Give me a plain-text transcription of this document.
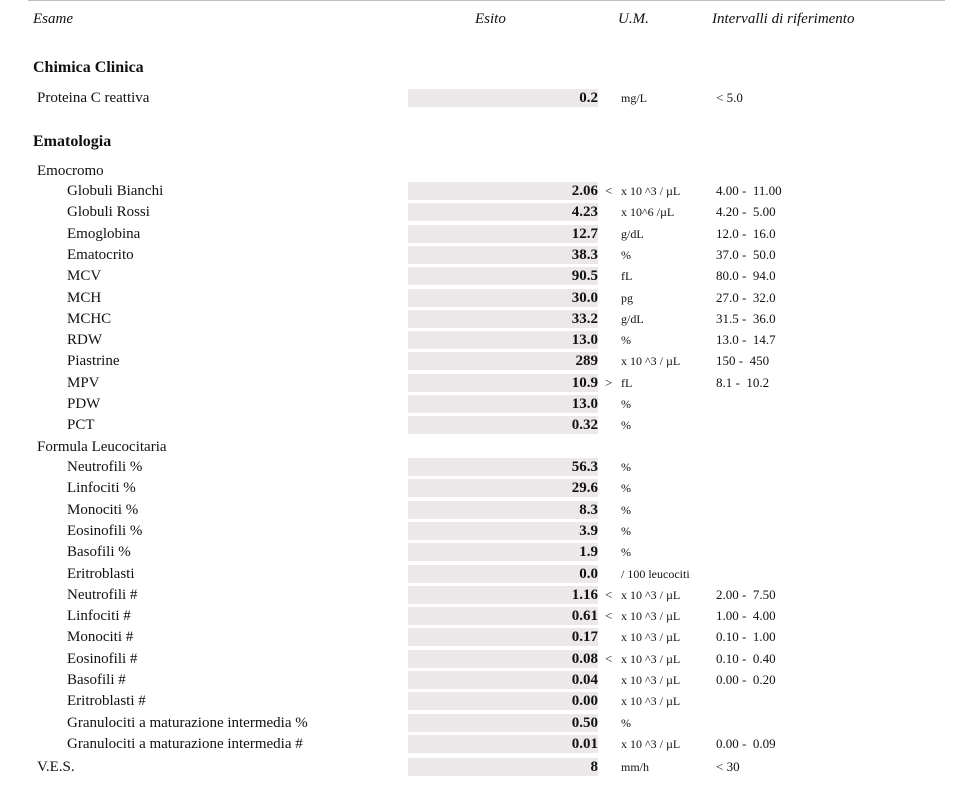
Esame	Esito	U.M.	Intervalli di riferimento
Chimica Clinica
Proteina C reattiva	0.2 mg/L	< 5.0
Ematologia
Emocromo
Globuli Bianchi	2.06 < x 10 ^3 / µL	4.00 -  11.00
Globuli Rossi	4.23 x 10^6 /µL	4.20 -  5.00
Emoglobina	12.7 g/dL	12.0 -  16.0
Ematocrito	38.3 %	37.0 -  50.0
MCV	90.5 fL	80.0 -  94.0
MCH	30.0 pg	27.0 -  32.0
MCHC	33.2 g/dL	31.5 -  36.0
RDW	13.0 %	13.0 -  14.7
Piastrine	289 x 10 ^3 / µL	150 -  450
MPV	10.9 > fL	8.1 -  10.2
PDW	13.0 %
PCT	0.32 %
Formula Leucocitaria
Neutrofili %	56.3 %
Linfociti %	29.6 %
Monociti %	8.3 %
Eosinofili %	3.9 %
Basofili %	1.9 %
Eritroblasti	0.0 / 100 leucociti
Neutrofili #	1.16 < x 10 ^3 / µL	2.00 -  7.50
Linfociti #	0.61 < x 10 ^3 / µL	1.00 -  4.00
Monociti #	0.17 x 10 ^3 / µL	0.10 -  1.00
Eosinofili #	0.08 < x 10 ^3 / µL	0.10 -  0.40
Basofili #	0.04 x 10 ^3 / µL	0.00 -  0.20
Eritroblasti #	0.00 x 10 ^3 / µL
Granulociti a maturazione intermedia %	0.50 %
Granulociti a maturazione intermedia #	0.01 x 10 ^3 / µL	0.00 -  0.09
V.E.S.	8 mm/h	< 30
